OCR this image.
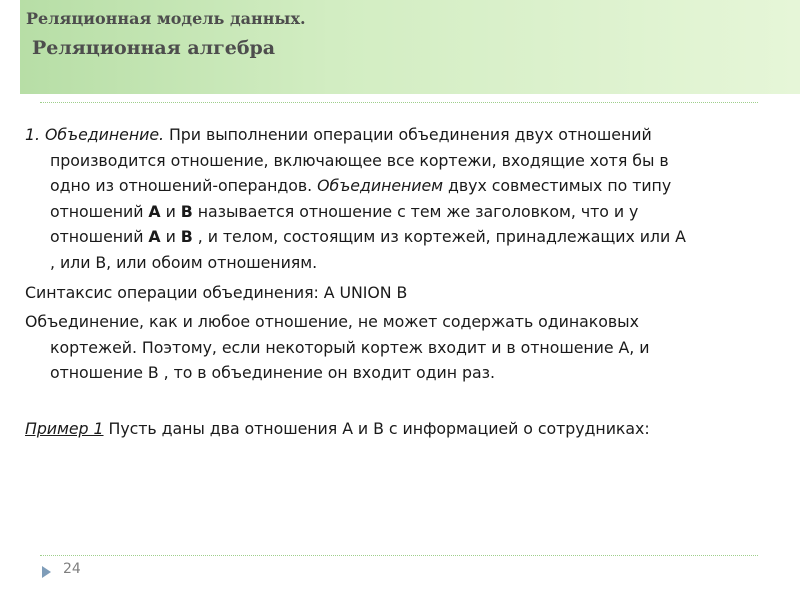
Реляционная модель данных.
Реляционная алгебра
1. Объединение. При выполнении операции объединения двух отношений
производится отношение, включающее все кортежи, входящие хотя бы в
одно из отношений-операндов. Объединением двух совместимых по типу
отношений A и B называется отношение с тем же заголовком, что и у
отношений A и B , и телом, состоящим из кортежей, принадлежащих или А
, или В, или обоим отношениям.
Синтаксис операции объединения: A UNION B
Объединение, как и любое отношение, не может содержать одинаковых
кортежей. Поэтому, если некоторый кортеж входит и в отношение А, и
отношение В , то в объединение он входит один раз.
Пример 1 Пусть даны два отношения А и В с информацией о сотрудниках:
24
